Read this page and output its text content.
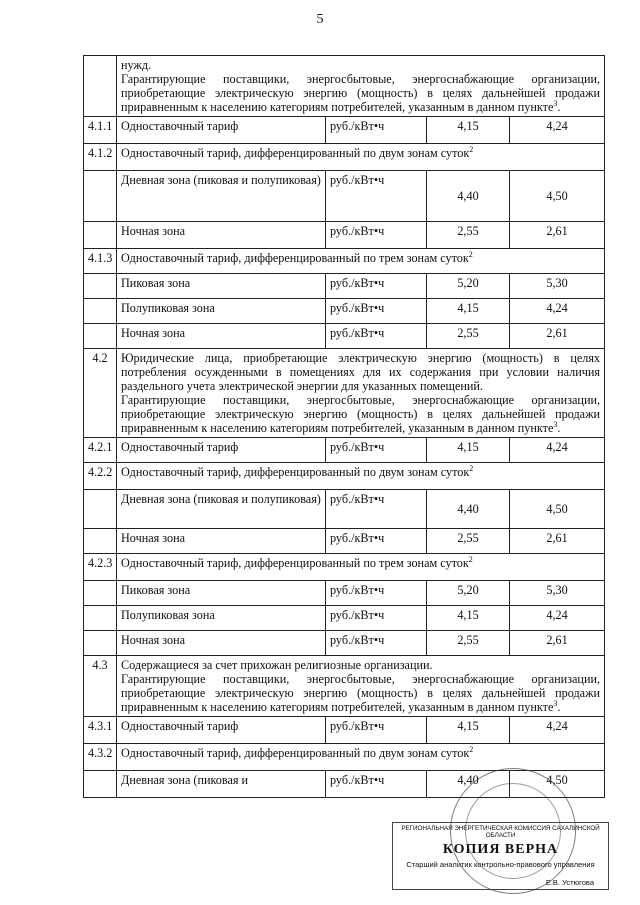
5

	нужд.
Гарантирующие поставщики, энергосбытовые, энергоснабжающие организации, приобретающие электрическую энергию (мощность) в целях дальнейшей продажи приравненным к населению категориям потребителей, указанным в данном пункте$^3$.			

4.1.1	Одноставочный тариф	руб./кВт•ч	4,15	4,24
4.1.2	Одноставочный тариф, дифференцированный по двум зонам суток$^2$
	Дневная зона (пиковая и полупиковая)	руб./кВт•ч	4,40	4,50
	Ночная зона	руб./кВт•ч	2,55	2,61
4.1.3	Одноставочный тариф, дифференцированный по трем зонам суток$^2$
	Пиковая зона	руб./кВт•ч	5,20	5,30
	Полупиковая зона	руб./кВт•ч	4,15	4,24
	Ночная зона	руб./кВт•ч	2,55	2,61
4.2	Юридические лица, приобретающие электрическую энергию (мощность) в целях потребления осужденными в помещениях для их содержания при условии наличия раздельного учета электрической энергии для указанных помещений.
Гарантирующие поставщики, энергосбытовые, энергоснабжающие организации, приобретающие электрическую энергию (мощность) в целях дальнейшей продажи приравненным к населению категориям потребителей, указанным в данном пункте$^3$.			

4.2.1	Одноставочный тариф	руб./кВт•ч	4,15	4,24
4.2.2	Одноставочный тариф, дифференцированный по двум зонам суток$^2$
	Дневная зона (пиковая и полупиковая)	руб./кВт•ч	4,40	4,50
	Ночная зона	руб./кВт•ч	2,55	2,61
4.2.3	Одноставочный тариф, дифференцированный по трем зонам суток$^2$
	Пиковая зона	руб./кВт•ч	5,20	5,30
	Полупиковая зона	руб./кВт•ч	4,15	4,24
	Ночная зона	руб./кВт•ч	2,55	2,61
4.3	Содержащиеся за счет прихожан религиозные организации.
Гарантирующие поставщики, энергосбытовые, энергоснабжающие организации, приобретающие электрическую энергию (мощность) в целях дальнейшей продажи приравненным к населению категориям потребителей, указанным в данном пункте$^3$.			

4.3.1	Одноставочный тариф	руб./кВт•ч	4,15	4,24
4.3.2	Одноставочный тариф, дифференцированный по двум зонам суток$^2$
	Дневная зона (пиковая и	руб./кВт•ч	4,40	4,50
РЕГИОНАЛЬНАЯ ЭНЕРГЕТИЧЕСКАЯ КОМИССИЯ САХАЛИНСКОЙ ОБЛАСТИ
КОПИЯ ВЕРНА
Старший аналитик контрольно-правового управления
Е.В. Устюгова
